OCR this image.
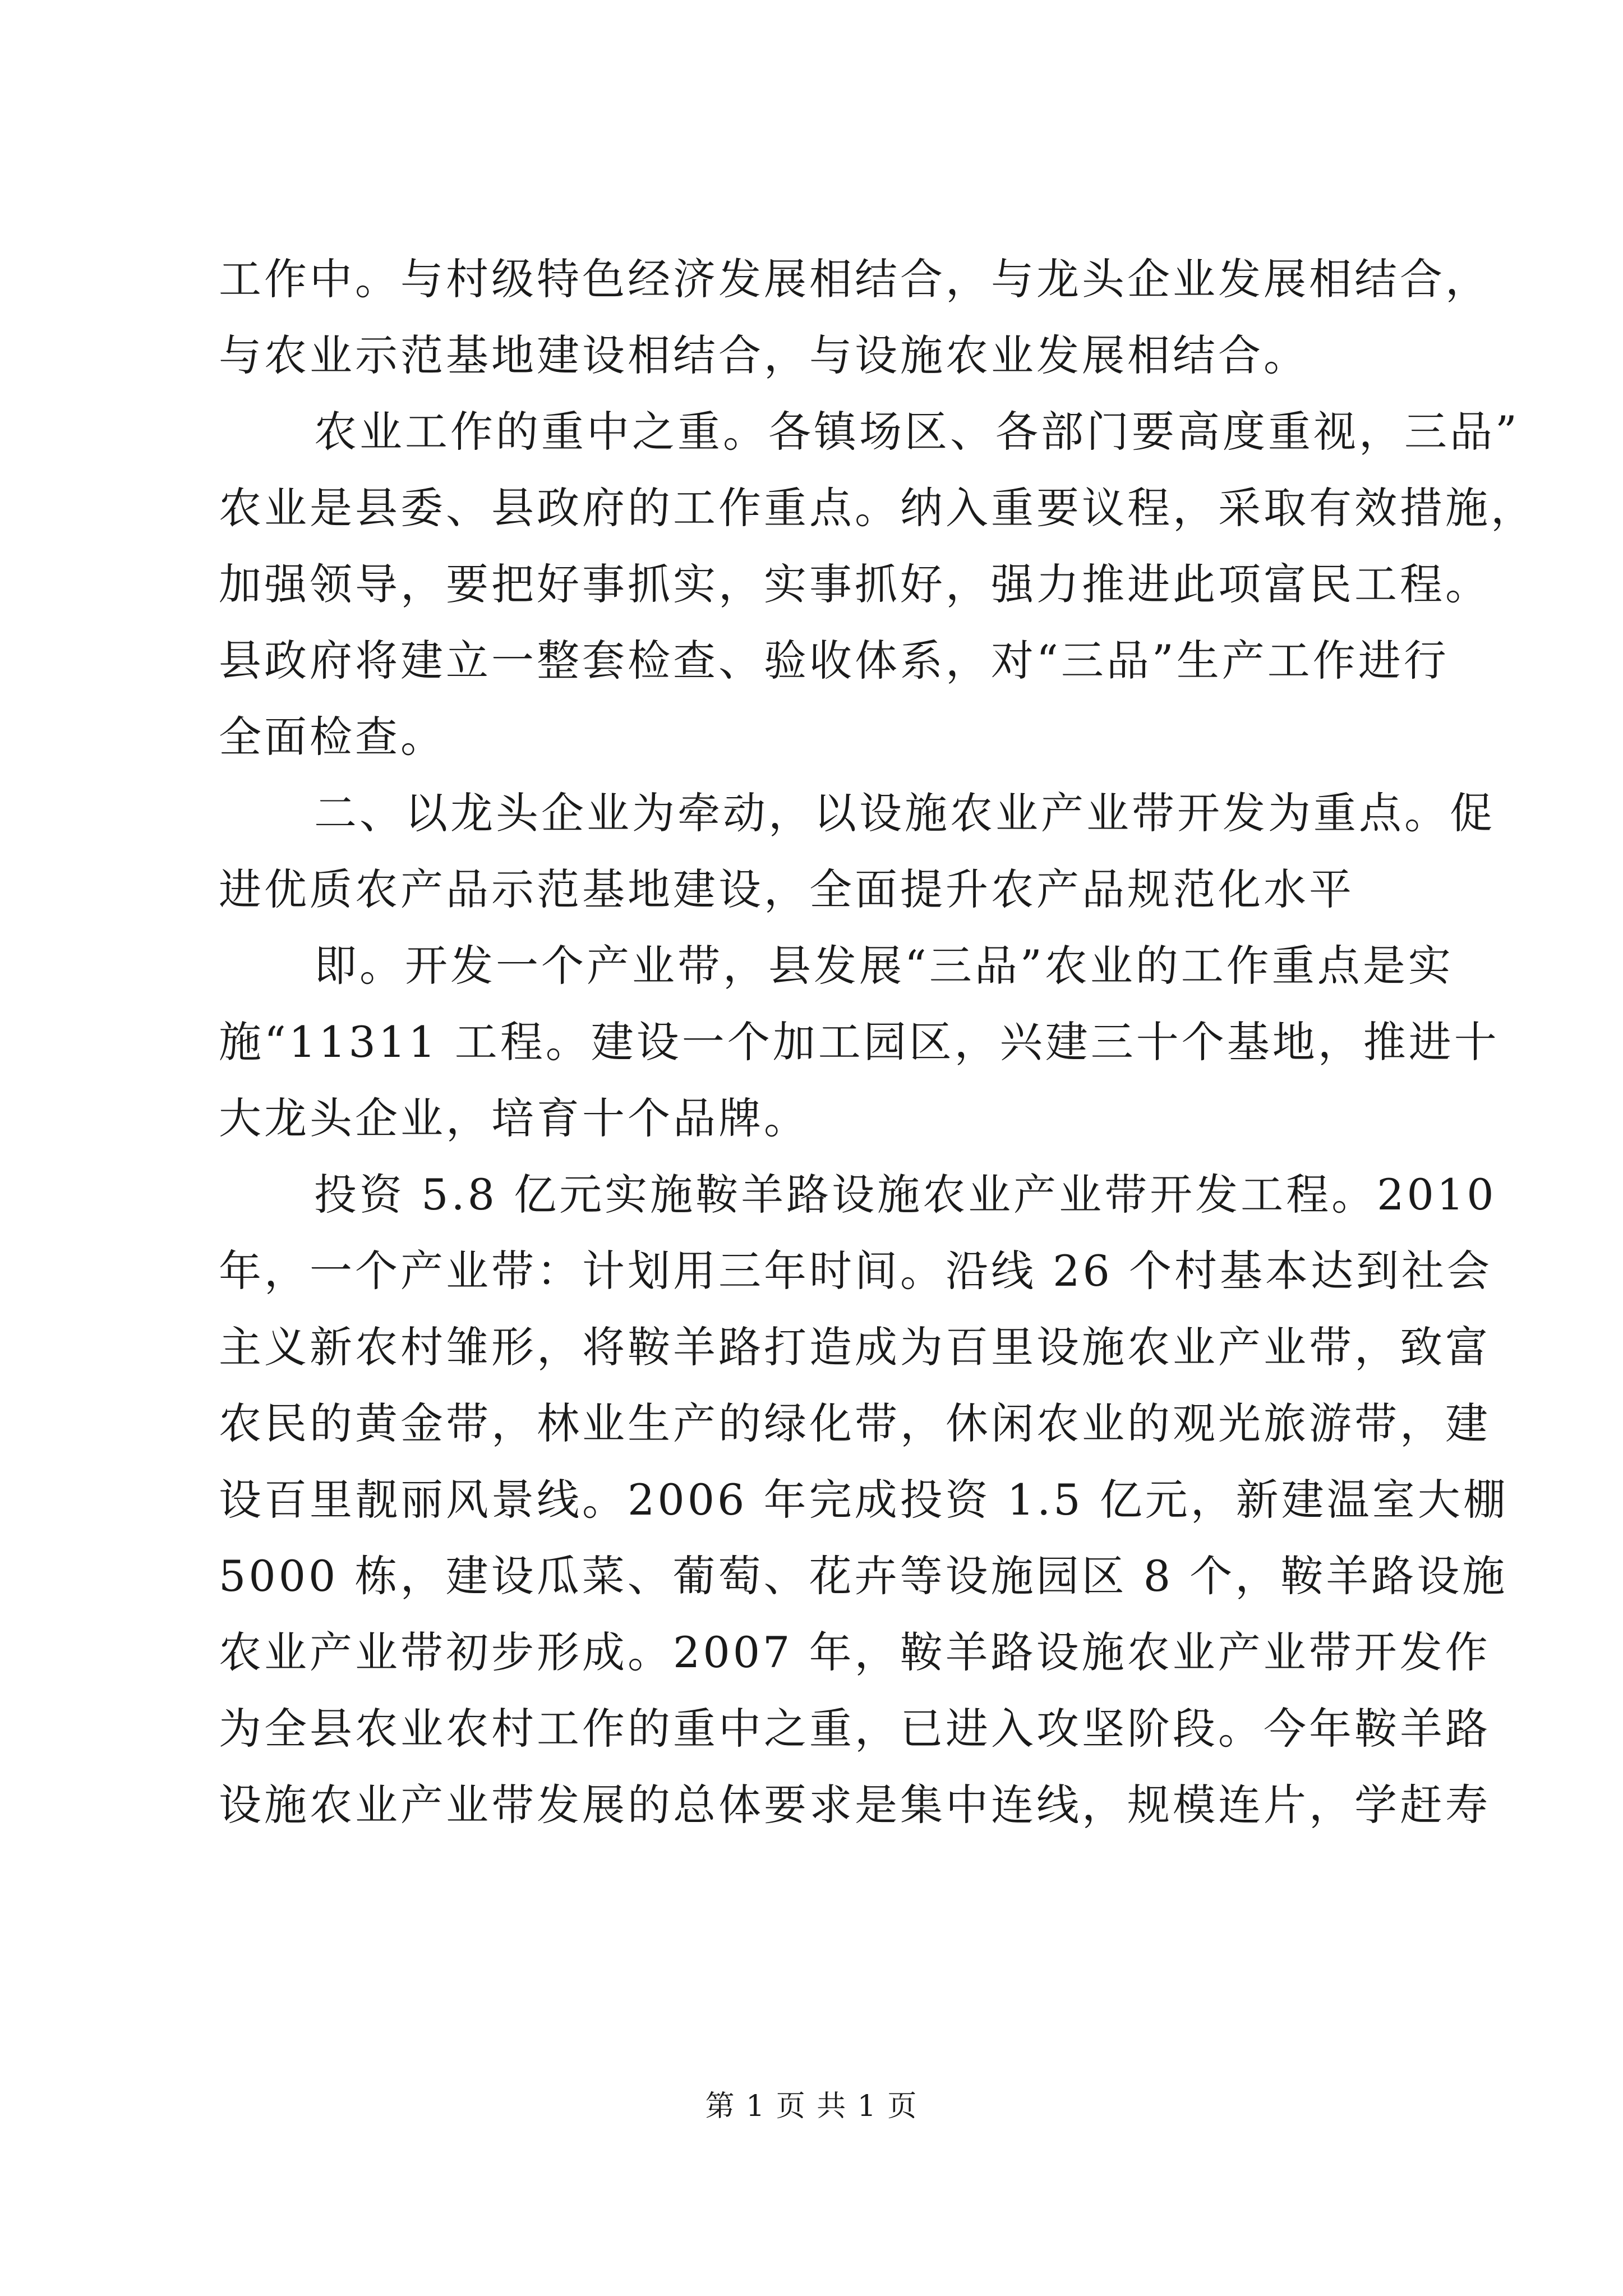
工作中。与村级特色经济发展相结合，与龙头企业发展相结合，
与农业示范基地建设相结合，与设施农业发展相结合。
农业工作的重中之重。各镇场区、各部门要高度重视，三品”
农业是县委、县政府的工作重点。纳入重要议程，采取有效措施，
加强领导，要把好事抓实，实事抓好，强力推进此项富民工程。
县政府将建立一整套检查、验收体系，对“三品”生产工作进行
全面检查。
二、以龙头企业为牵动，以设施农业产业带开发为重点。促
进优质农产品示范基地建设，全面提升农产品规范化水平
即。开发一个产业带，县发展“三品”农业的工作重点是实
施“11311 工程。建设一个加工园区，兴建三十个基地，推进十
大龙头企业，培育十个品牌。
投资 5.8 亿元实施鞍羊路设施农业产业带开发工程。2010
年，一个产业带：计划用三年时间。沿线 26 个村基本达到社会
主义新农村雏形，将鞍羊路打造成为百里设施农业产业带，致富
农民的黄金带，林业生产的绿化带，休闲农业的观光旅游带，建
设百里靓丽风景线。2006 年完成投资 1.5 亿元，新建温室大棚
5000 栋，建设瓜菜、葡萄、花卉等设施园区 8 个，鞍羊路设施
农业产业带初步形成。2007 年，鞍羊路设施农业产业带开发作
为全县农业农村工作的重中之重，已进入攻坚阶段。今年鞍羊路
设施农业产业带发展的总体要求是集中连线，规模连片，学赶寿
第 1 页 共 1 页
